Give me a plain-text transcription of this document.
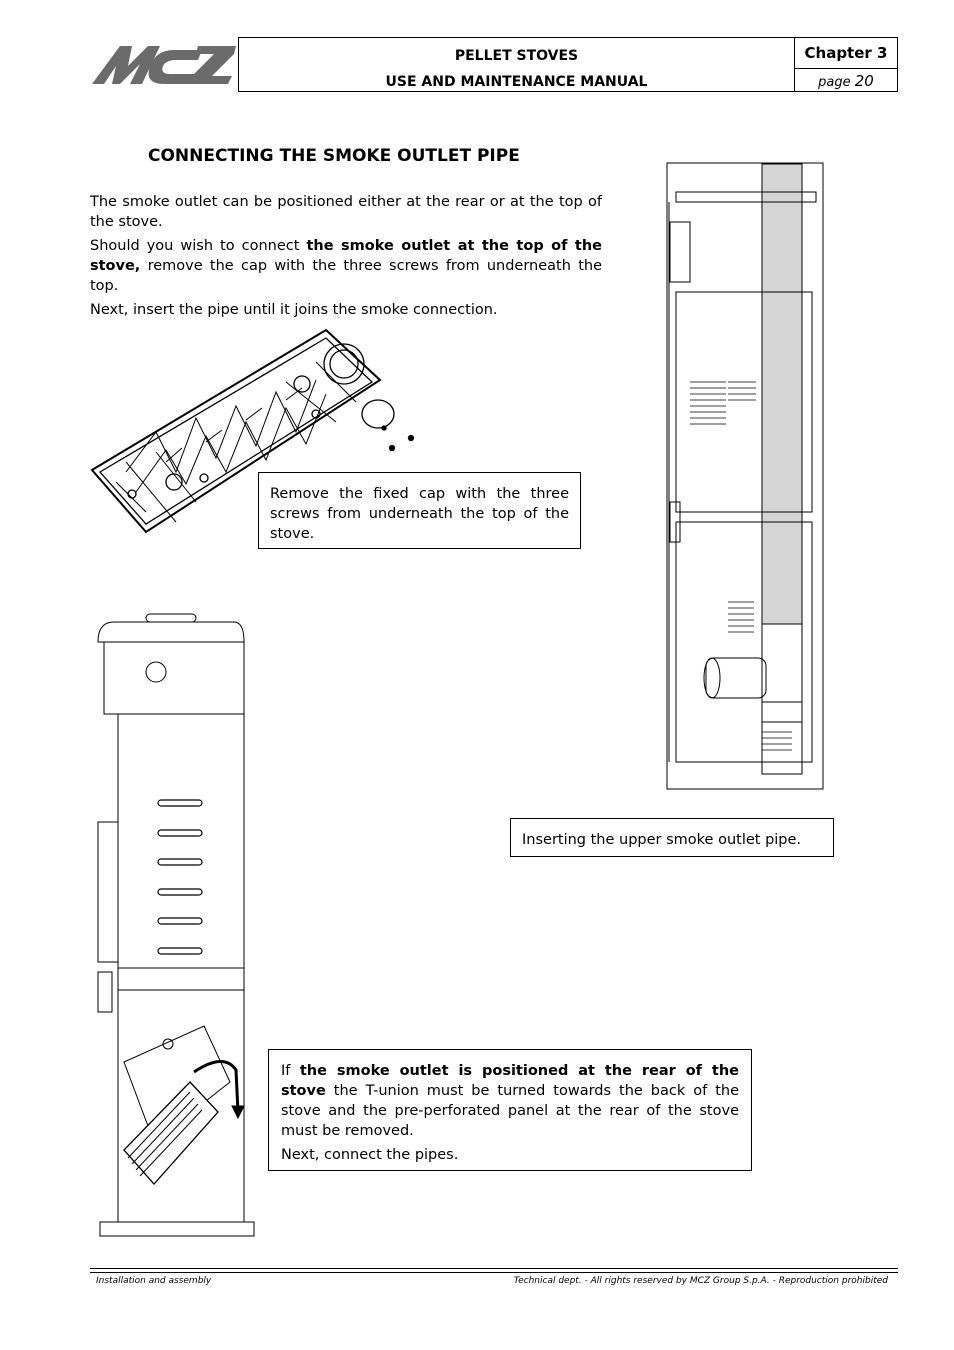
PELLET STOVES
USE AND MAINTENANCE MANUAL
Chapter 3
page 20
CONNECTING THE SMOKE OUTLET PIPE

The smoke outlet can be positioned either at the rear or at the top of the stove.

Should you wish to connect the smoke outlet at the top of the stove, remove the cap with the three screws from underneath the top.

Next, insert the pipe until it joins the smoke connection.

Remove the fixed cap with the three screws from underneath the top of the stove.
Inserting the upper smoke outlet pipe.

If the smoke outlet is positioned at the rear of the stove the T-union must be turned towards the back of the stove and the pre-perforated panel at the rear of the stove must be removed.

Next, connect the pipes.

Installation and assembly	Technical dept. - All rights reserved by MCZ Group S.p.A. - Reproduction prohibited
